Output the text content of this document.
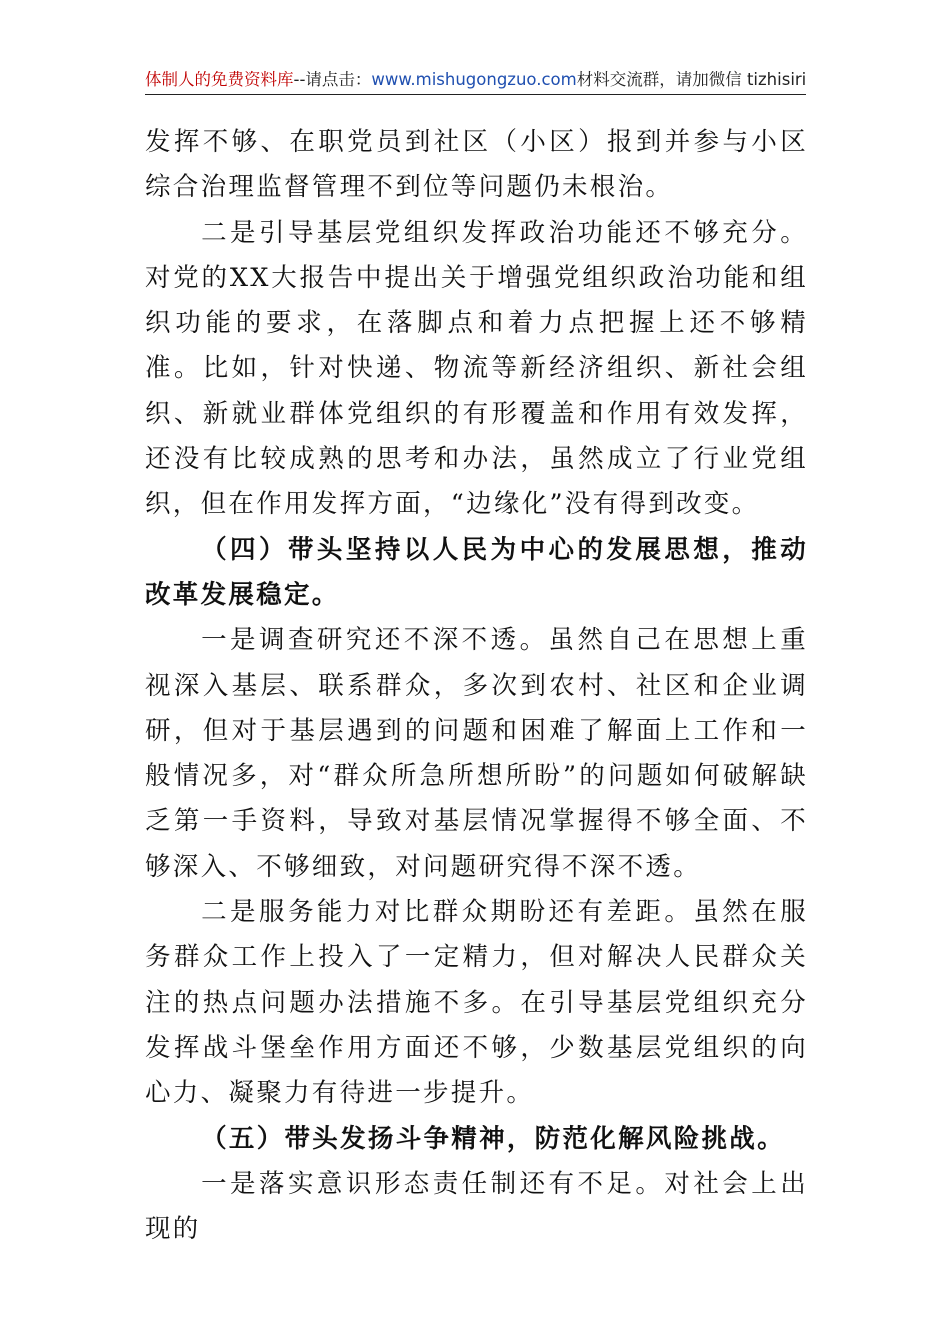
体制人的免费资料库--请点击：www.mishugongzuo.com材料交流群，请加微信 tizhisiri

发挥不够、在职党员到社区（小区）报到并参与小区综合治理监督管理不到位等问题仍未根治。

二是引导基层党组织发挥政治功能还不够充分。对党的XX大报告中提出关于增强党组织政治功能和组织功能的要求，在落脚点和着力点把握上还不够精准。比如，针对快递、物流等新经济组织、新社会组织、新就业群体党组织的有形覆盖和作用有效发挥，还没有比较成熟的思考和办法，虽然成立了行业党组织，但在作用发挥方面，“边缘化”没有得到改变。

（四）带头坚持以人民为中心的发展思想，推动改革发展稳定。

一是调查研究还不深不透。虽然自己在思想上重视深入基层、联系群众，多次到农村、社区和企业调研，但对于基层遇到的问题和困难了解面上工作和一般情况多，对“群众所急所想所盼”的问题如何破解缺乏第一手资料，导致对基层情况掌握得不够全面、不够深入、不够细致，对问题研究得不深不透。

二是服务能力对比群众期盼还有差距。虽然在服务群众工作上投入了一定精力，但对解决人民群众关注的热点问题办法措施不多。在引导基层党组织充分发挥战斗堡垒作用方面还不够，少数基层党组织的向心力、凝聚力有待进一步提升。

（五）带头发扬斗争精神，防范化解风险挑战。

一是落实意识形态责任制还有不足。对社会上出现的
